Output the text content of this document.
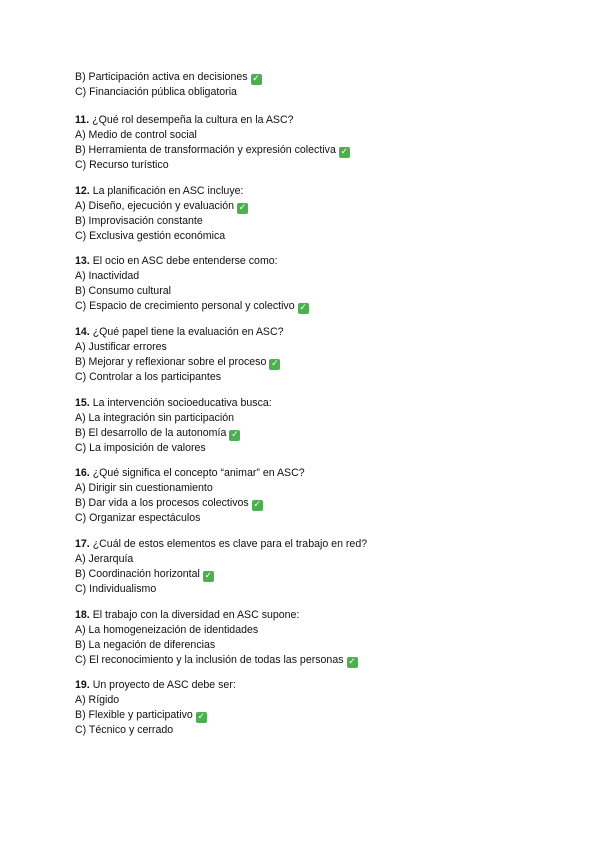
B) Participación activa en decisiones ✓
C) Financiación pública obligatoria
11. ¿Qué rol desempeña la cultura en la ASC?
A) Medio de control social
B) Herramienta de transformación y expresión colectiva ✓
C) Recurso turístico
12. La planificación en ASC incluye:
A) Diseño, ejecución y evaluación ✓
B) Improvisación constante
C) Exclusiva gestión económica
13. El ocio en ASC debe entenderse como:
A) Inactividad
B) Consumo cultural
C) Espacio de crecimiento personal y colectivo ✓
14. ¿Qué papel tiene la evaluación en ASC?
A) Justificar errores
B) Mejorar y reflexionar sobre el proceso ✓
C) Controlar a los participantes
15. La intervención socioeducativa busca:
A) La integración sin participación
B) El desarrollo de la autonomía ✓
C) La imposición de valores
16. ¿Qué significa el concepto “animar” en ASC?
A) Dirigir sin cuestionamiento
B) Dar vida a los procesos colectivos ✓
C) Organizar espectáculos
17. ¿Cuál de estos elementos es clave para el trabajo en red?
A) Jerarquía
B) Coordinación horizontal ✓
C) Individualismo
18. El trabajo con la diversidad en ASC supone:
A) La homogeneización de identidades
B) La negación de diferencias
C) El reconocimiento y la inclusión de todas las personas ✓
19. Un proyecto de ASC debe ser:
A) Rígido
B) Flexible y participativo ✓
C) Técnico y cerrado
